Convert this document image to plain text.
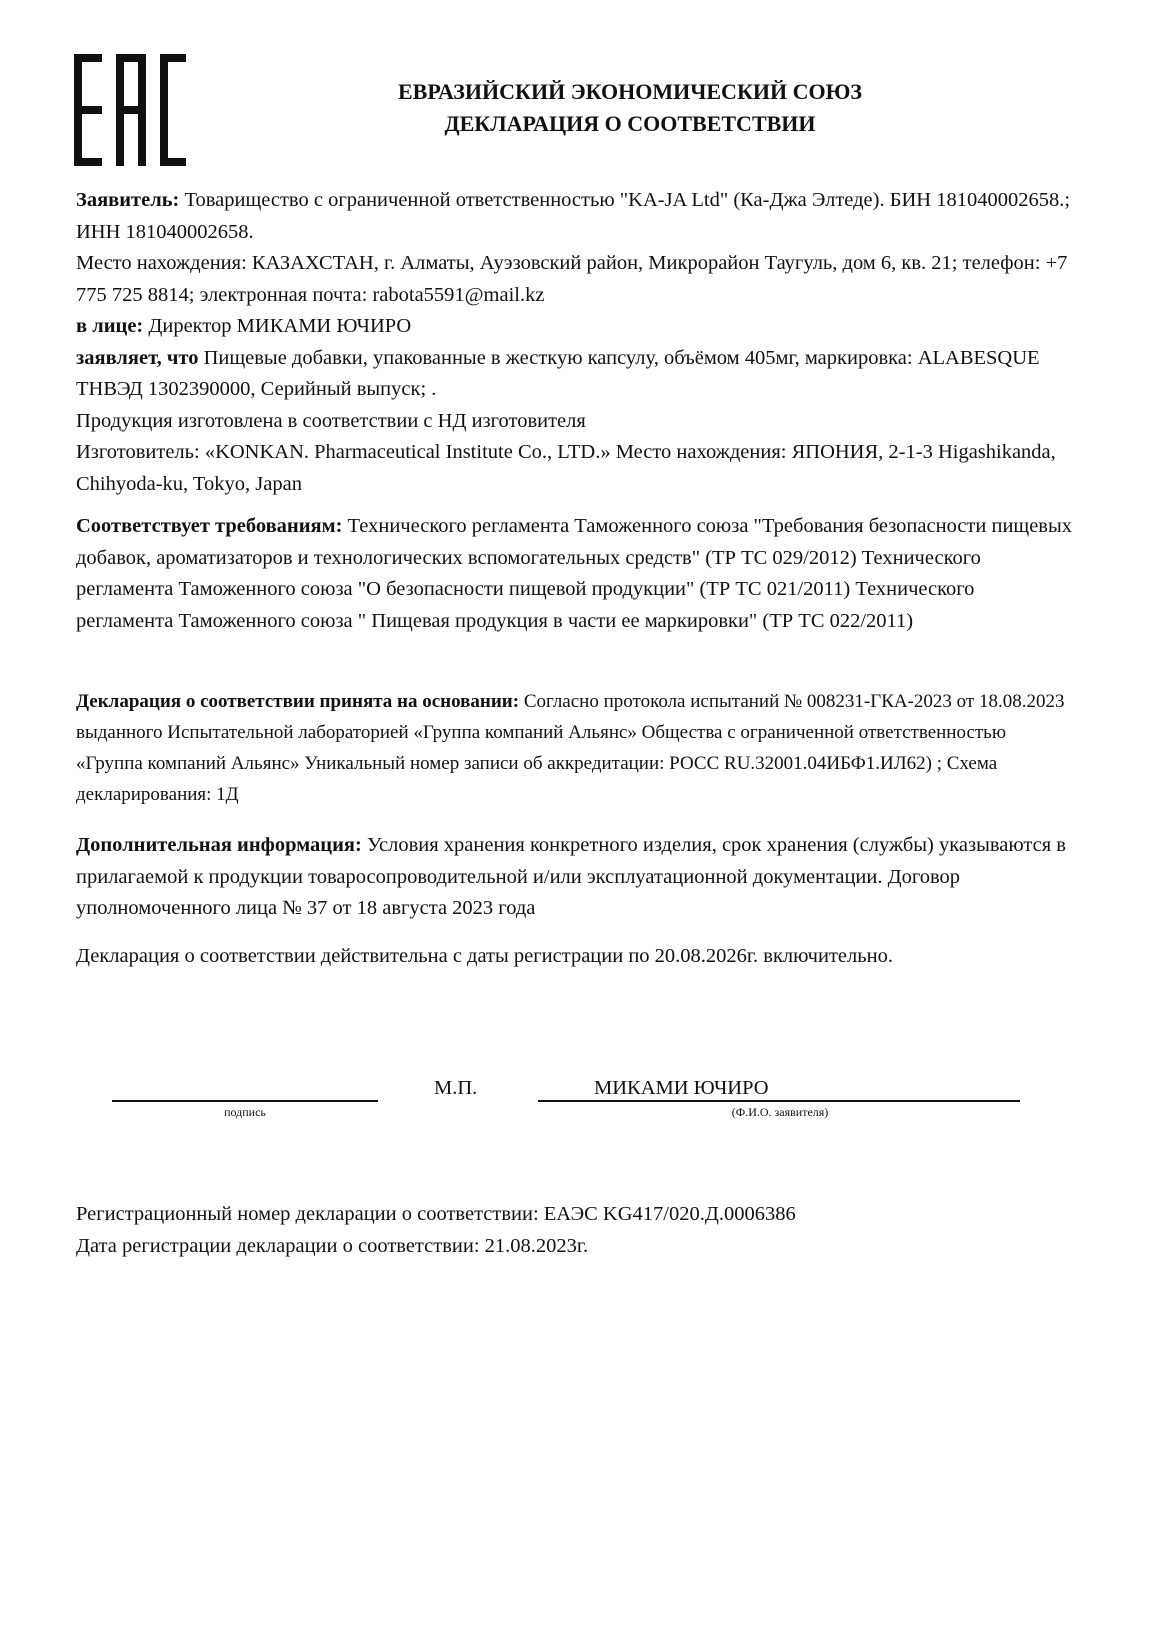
ЕВРАЗИЙСКИЙ ЭКОНОМИЧЕСКИЙ СОЮЗ
ДЕКЛАРАЦИЯ О СООТВЕТСТВИИ

Заявитель: Товарищество с ограниченной ответственностью "KA-JA Ltd" (Ка-Джа Элтеде). БИН 181040002658.; ИНН 181040002658.

Место нахождения: КАЗАХСТАН, г. Алматы, Ауэзовский район, Микрорайон Таугуль, дом 6, кв. 21; телефон: +7 775 725 8814; электронная почта: rabota5591@mail.kz

в лице: Директор МИКАМИ ЮЧИРО

заявляет, что Пищевые добавки, упакованные в жесткую капсулу, объёмом 405мг, маркировка: ALABESQUE ТНВЭД 1302390000, Серийный выпуск; .

Продукция изготовлена в соответствии с НД изготовителя

Изготовитель: «KONKAN. Pharmaceutical Institute Co., LTD.» Место нахождения: ЯПОНИЯ, 2-1-3 Higashikanda, Chihyoda-ku, Tokyo, Japan

Соответствует требованиям: Технического регламента Таможенного союза "Требования безопасности пищевых добавок, ароматизаторов и технологических вспомогательных средств" (ТР ТС 029/2012) Технического регламента Таможенного союза "О безопасности пищевой продукции" (ТР ТС 021/2011) Технического регламента Таможенного союза " Пищевая продукция в части ее маркировки" (ТР ТС 022/2011)

Декларация о соответствии принята на основании: Согласно протокола испытаний № 008231-ГКА-2023 от 18.08.2023 выданного Испытательной лабораторией «Группа компаний Альянс» Общества с ограниченной ответственностью «Группа компаний Альянс» Уникальный номер записи об аккредитации: РОСС RU.32001.04ИБФ1.ИЛ62) ; Схема декларирования: 1Д

Дополнительная информация: Условия хранения конкретного изделия, срок хранения (службы) указываются в прилагаемой к продукции товаросопроводительной и/или эксплуатационной документации. Договор уполномоченного лица № 37 от 18 августа 2023 года

Декларация о соответствии действительна с даты регистрации по 20.08.2026г. включительно.

подпись
М.П.	МИКАМИ ЮЧИРО
(Ф.И.О. заявителя)

Регистрационный номер декларации о соответствии: ЕАЭС KG417/020.Д.0006386

Дата регистрации декларации о соответствии: 21.08.2023г.
